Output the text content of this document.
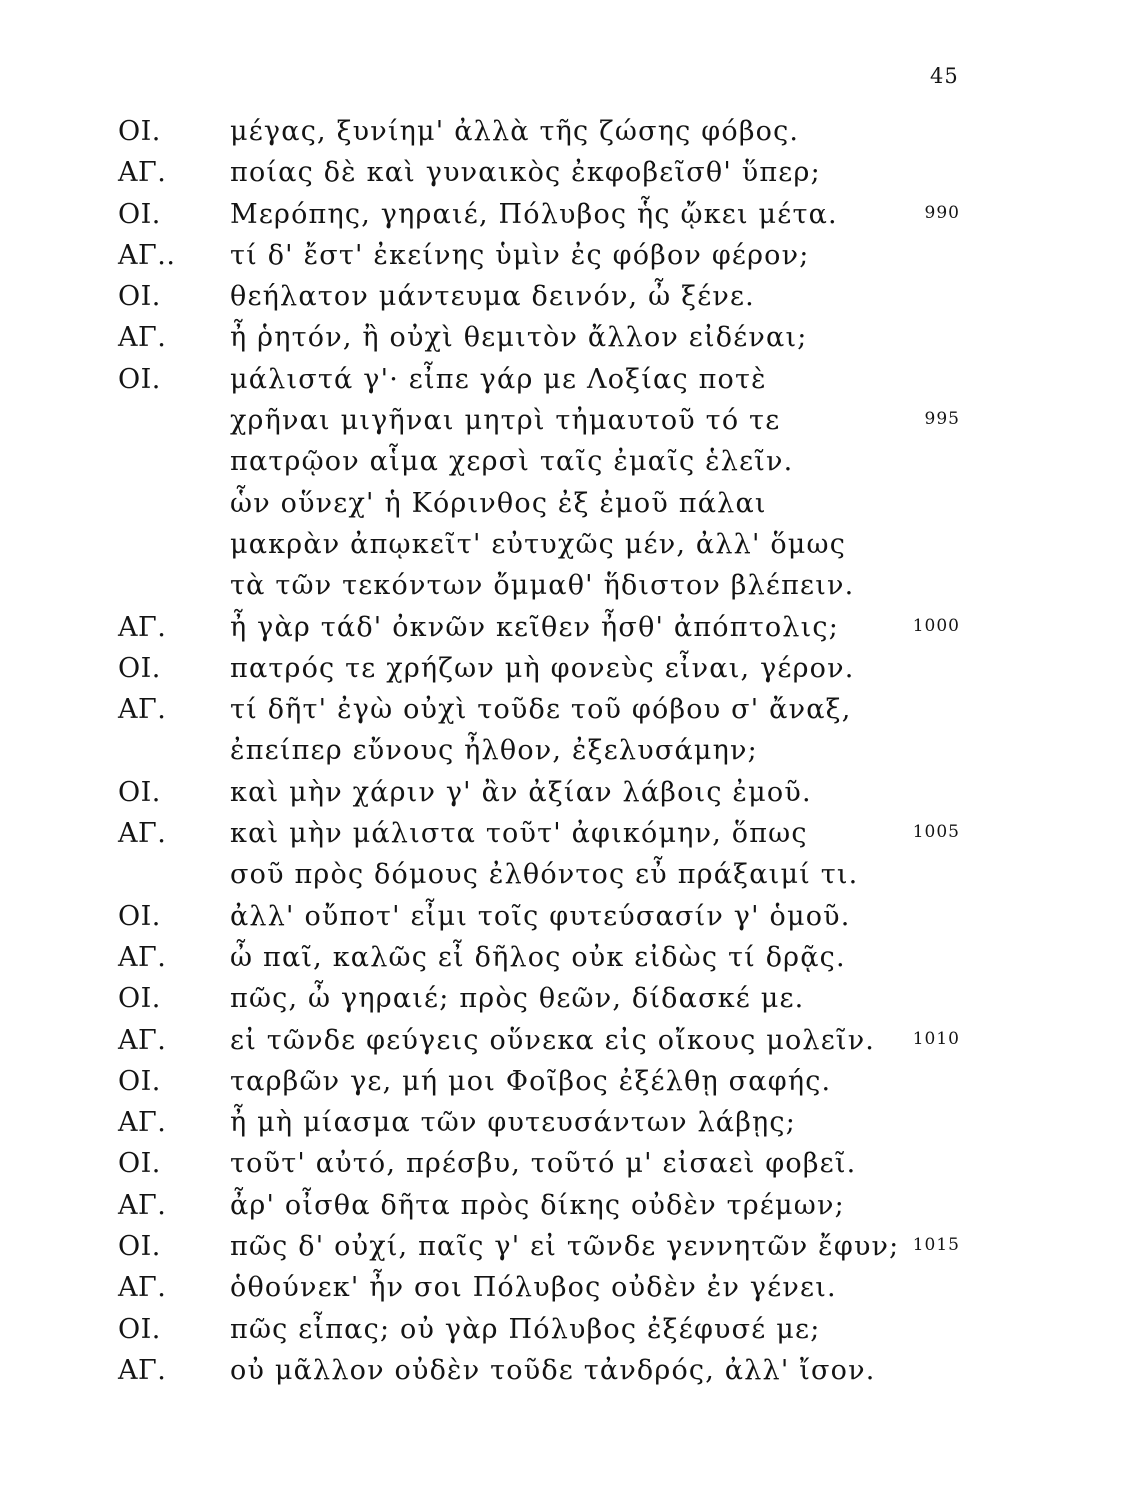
45
ΟΙ.	μέγας, ξυνίημ' ἀλλὰ τῆς ζώσης φόβος.
ΑΓ. ποίας δὲ καὶ γυναικὸς ἐκφοβεῖσθ' ὕπερ;
ΟΙ.	Μερόπης, γηραιέ, Πόλυβος ἧς ᾤκει μέτα.	990
ΑΓ.. τί δ' ἔστ' ἐκείνης ὑμὶν ἐς φόβον φέρον;
ΟΙ.	θεήλατον μάντευμα δεινόν, ὦ ξένε.
ΑΓ. ἦ ῥητόν, ἢ οὐχὶ θεμιτὸν ἄλλον εἰδέναι;
ΟΙ.	μάλιστά γ'· εἶπε γάρ με Λοξίας ποτὲ
χρῆναι μιγῆναι μητρὶ τἠμαυτοῦ τό τε	995
πατρῷον αἷμα χερσὶ ταῖς ἐμαῖς ἑλεῖν.
ὧν οὕνεχ' ἡ Κόρινθος ἐξ ἐμοῦ πάλαι
μακρὰν ἀπῳκεῖτ' εὐτυχῶς μέν, ἀλλ' ὅμως
τὰ τῶν τεκόντων ὄμμαθ' ἥδιστον βλέπειν.
ΑΓ. ἦ γὰρ τάδ' ὀκνῶν κεῖθεν ἦσθ' ἀπόπτολις;	1000
ΟΙ.	πατρός τε χρήζων μὴ φονεὺς εἶναι, γέρον.
ΑΓ. τί δῆτ' ἐγὼ οὐχὶ τοῦδε τοῦ φόβου σ' ἄναξ,
ἐπείπερ εὔνους ἦλθον, ἐξελυσάμην;
ΟΙ.	καὶ μὴν χάριν γ' ἂν ἀξίαν λάβοις ἐμοῦ.
ΑΓ. καὶ μὴν μάλιστα τοῦτ' ἀφικόμην, ὅπως	1005
σοῦ πρὸς δόμους ἐλθόντος εὖ πράξαιμί τι.
ΟΙ.	ἀλλ' οὔποτ' εἶμι τοῖς φυτεύσασίν γ' ὁμοῦ.
ΑΓ. ὦ παῖ, καλῶς εἶ δῆλος οὐκ εἰδὼς τί δρᾷς.
ΟΙ.	πῶς, ὦ γηραιέ; πρὸς θεῶν, δίδασκέ με.
ΑΓ. εἰ τῶνδε φεύγεις οὕνεκα εἰς οἴκους μολεῖν.	1010
ΟΙ.	ταρβῶν γε, μή μοι Φοῖβος ἐξέλθῃ σαφής.
ΑΓ. ἦ μὴ μίασμα τῶν φυτευσάντων λάβῃς;
ΟΙ.	τοῦτ' αὐτό, πρέσβυ, τοῦτό μ' εἰσαεὶ φοβεῖ.
ΑΓ. ἆρ' οἶσθα δῆτα πρὸς δίκης οὐδὲν τρέμων;
ΟΙ.	πῶς δ' οὐχί, παῖς γ' εἰ τῶνδε γεννητῶν ἔφυν; 1015
ΑΓ. ὁθούνεκ' ἦν σοι Πόλυβος οὐδὲν ἐν γένει.
ΟΙ.	πῶς εἶπας; οὐ γὰρ Πόλυβος ἐξέφυσέ με;
ΑΓ. οὐ μᾶλλον οὐδὲν τοῦδε τἀνδρός, ἀλλ' ἴσον.
